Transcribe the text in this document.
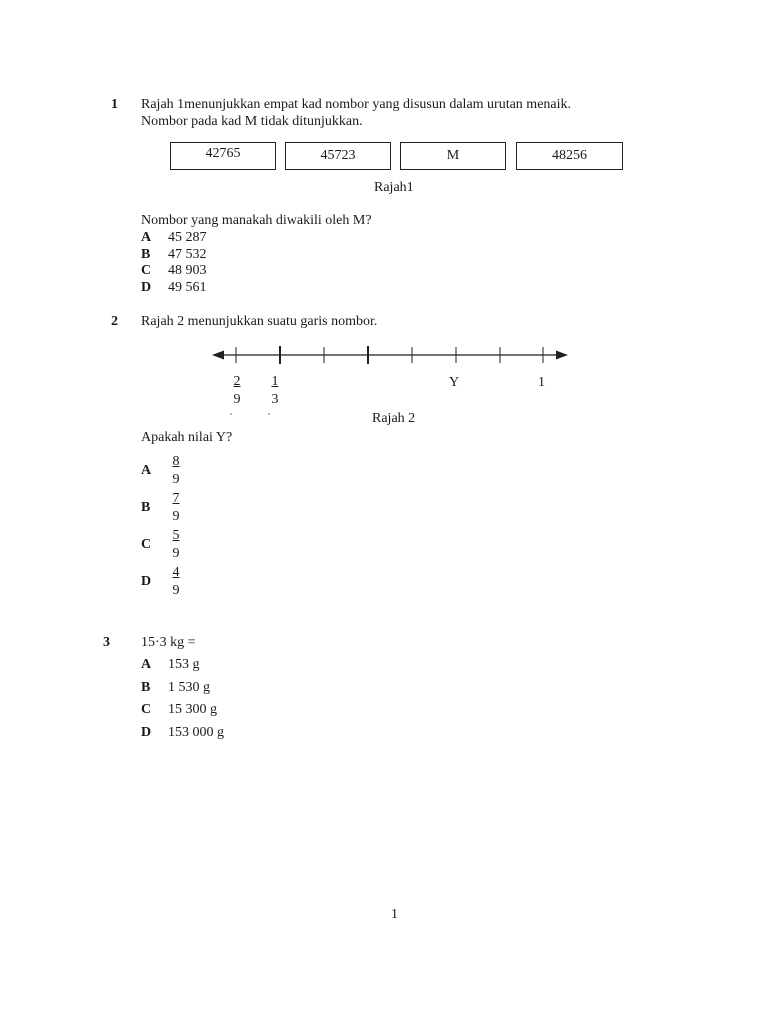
1 Rajah 1menunjukkan empat kad nombor yang disusun dalam urutan menaik.
Nombor pada kad M tidak ditunjukkan.
42765	45723	M	48256
Rajah1
Nombor yang manakah diwakili oleh M?
A 45 287
B 47 532
C 48 903
D 49 561
2 Rajah 2 menunjukkan suatu garis nombor.
$\frac{2}{9} \frac{1}{3}$	Y	1
Rajah 2
Apakah nilai Y?
A $\frac{8}{9}$
B $\frac{7}{9}$
C $\frac{5}{9}$
D $\frac{4}{9}$
3 15·3 kg =
A 153 g
B 1 530 g
C 15 300 g
D 153 000 g
1
